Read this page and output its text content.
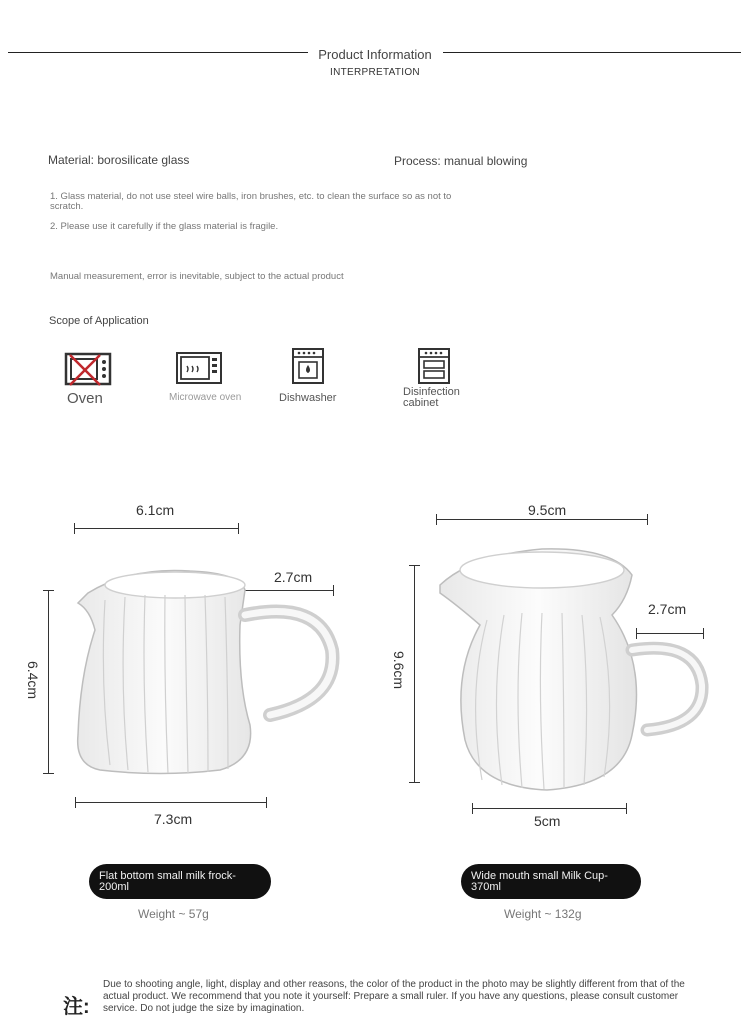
Product Information
INTERPRETATION
Material: borosilicate glass	Process: manual blowing
1. Glass material, do not use steel wire balls, iron brushes, etc. to clean the surface so as not to scratch.
2. Please use it carefully if the glass material is fragile.
Manual measurement, error is inevitable, subject to the actual product
Scope of Application
Oven	Microwave oven	Dishwasher	Disinfection cabinet
6.1cm
2.7cm
6.4cm
7.3cm
Flat bottom small milk frock-200ml
Weight ~ 57g
9.5cm
2.7cm
9.6cm
5cm
Wide mouth small Milk Cup-370ml
Weight ~ 132g
注:
Due to shooting angle, light, display and other reasons, the color of the product in the photo may be slightly different from that of the actual product. We recommend that you note it yourself: Prepare a small ruler. If you have any questions, please consult customer service. Do not judge the size by imagination.
